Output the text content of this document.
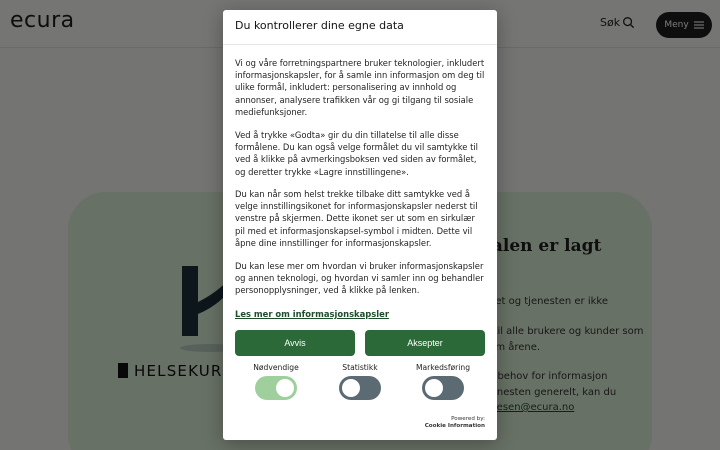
Du kontrollerer dine egne data

Vi og våre forretningspartnere bruker teknologier, inkludert informasjonskapsler, for å samle inn informasjon om deg til ulike formål, inkludert: personalisering av innhold og annonser, analysere trafikken vår og gi tilgang til sosiale mediefunksjoner.

Ved å trykke «Godta» gir du din tillatelse til alle disse formålene. Du kan også velge formålet du vil samtykke til ved å klikke på avmerkingsboksen ved siden av formålet, og deretter trykke «Lagre innstillingene».

Du kan når som helst trekke tilbake ditt samtykke ved å velge innstillingsikonet for informasjonskapsler nederst til venstre på skjermen. Dette ikonet ser ut som en sirkulær pil med et informasjonskapsel-symbol i midten. Dette vil åpne dine innstillinger for informasjonskapsler.

Du kan lese mer om hvordan vi bruker informasjonskapsler og annen teknologi, og hvordan vi samler inn og behandler personopplysninger, ved å klikke på lenken.

Les mer om informasjonskapsler
Avvis	Aksepter
Nødvendige	Statistikk	Markedsføring
Powered by:
Cookie Information
